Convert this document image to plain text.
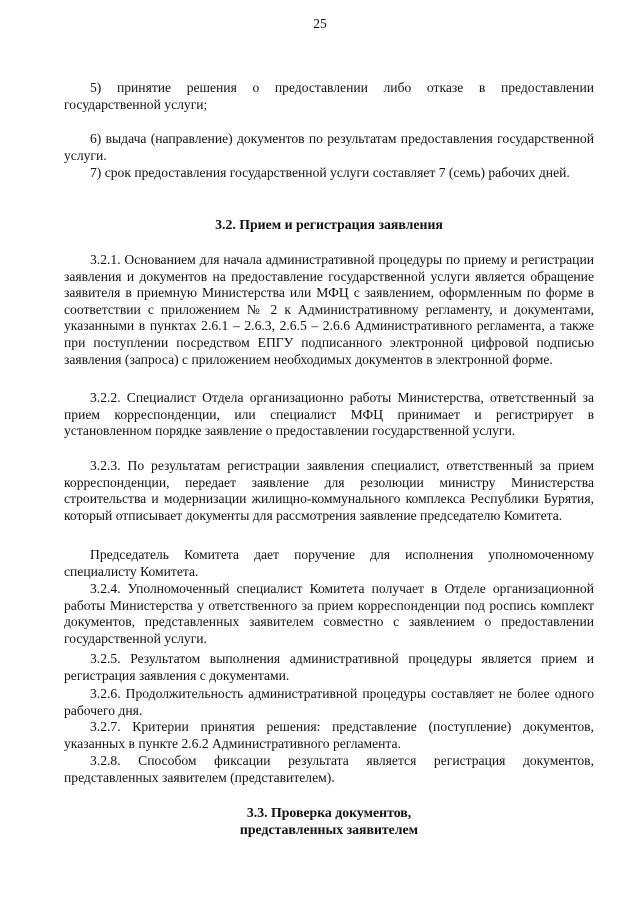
25

5) принятие решения о предоставлении либо отказе в предоставлении государственной услуги;

6) выдача (направление) документов по результатам предоставления государственной услуги.

7) срок предоставления государственной услуги составляет 7 (семь) рабочих дней.

3.2. Прием и регистрация заявления

3.2.1. Основанием для начала административной процедуры по приему и регистрации заявления и документов на предоставление государственной услуги является обращение заявителя в приемную Министерства или МФЦ с заявлением, оформленным по форме в соответствии с приложением № 2 к Административному регламенту, и документами, указанными в пунктах 2.6.1 – 2.6.3, 2.6.5 – 2.6.6 Административного регламента, а также при поступлении посредством ЕПГУ подписанного электронной цифровой подписью заявления (запроса) с приложением необходимых документов в электронной форме.

3.2.2. Специалист Отдела организационно работы Министерства, ответственный за прием корреспонденции, или специалист МФЦ принимает и регистрирует в установленном порядке заявление о предоставлении государственной услуги.

3.2.3. По результатам регистрации заявления специалист, ответственный за прием корреспонденции, передает заявление для резолюции министру Министерства строительства и модернизации жилищно-коммунального комплекса Республики Бурятия, который отписывает документы для рассмотрения заявление председателю Комитета.

Председатель Комитета дает поручение для исполнения уполномоченному специалисту Комитета.

3.2.4. Уполномоченный специалист Комитета получает в Отделе организационной работы Министерства у ответственного за прием корреспонденции под роспись комплект документов, представленных заявителем совместно с заявлением о предоставлении государственной услуги.

3.2.5. Результатом выполнения административной процедуры является прием и регистрация заявления с документами.

3.2.6. Продолжительность административной процедуры составляет не более одного рабочего дня.

3.2.7. Критерии принятия решения: представление (поступление) документов, указанных в пункте 2.6.2 Административного регламента.

3.2.8. Способом фиксации результата является регистрация документов, представленных заявителем (представителем).

3.3. Проверка документов,
представленных заявителем
